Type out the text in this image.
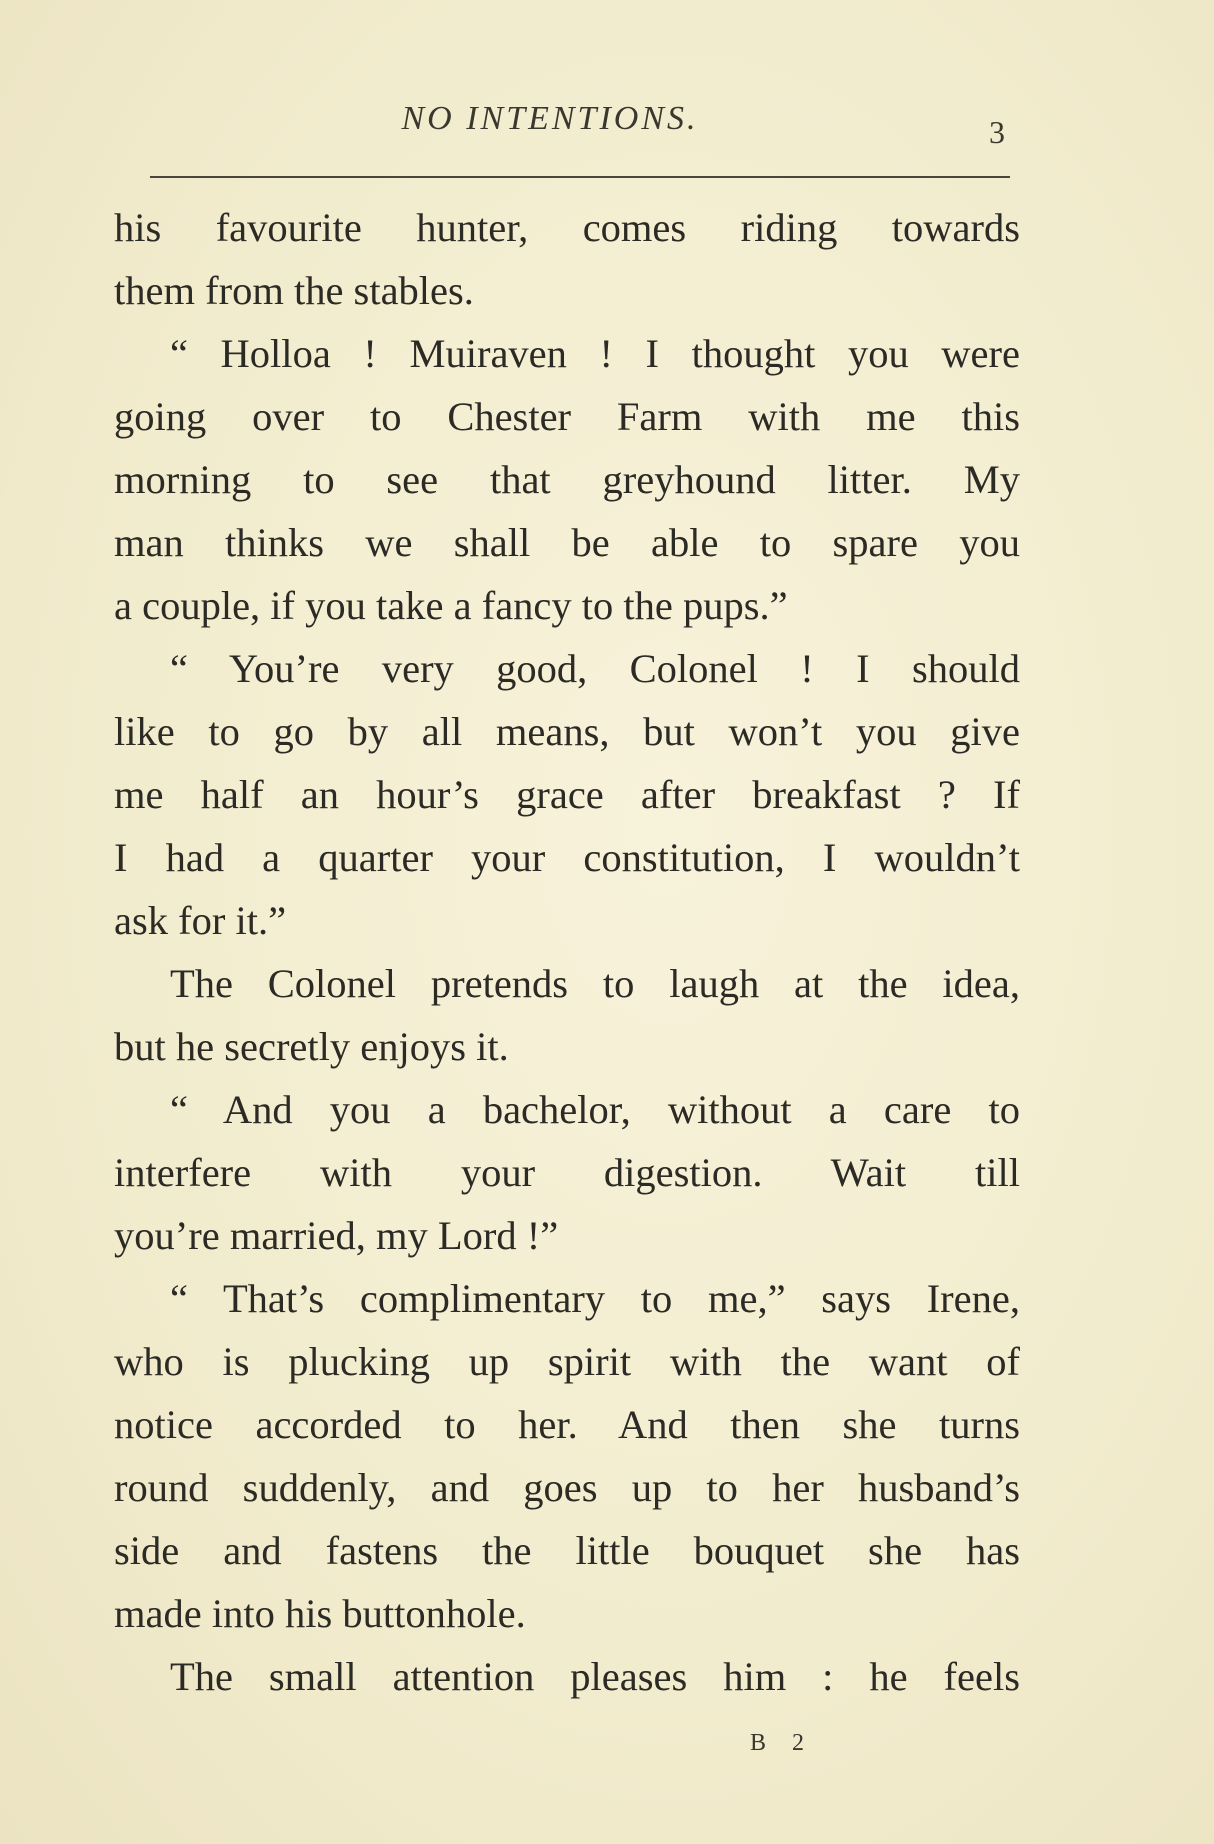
NO INTENTIONS.	3
his favourite hunter, comes riding towards
them from the stables.
“ Holloa ! Muiraven ! I thought you were
going over to Chester Farm with me this
morning to see that greyhound litter. My
man thinks we shall be able to spare you
a couple, if you take a fancy to the pups.”
“ You’re very good, Colonel ! I should
like to go by all means, but won’t you give
me half an hour’s grace after breakfast ? If
I had a quarter your constitution, I wouldn’t
ask for it.”
The Colonel pretends to laugh at the idea,
but he secretly enjoys it.
“ And you a bachelor, without a care to
interfere with your digestion. Wait till
you’re married, my Lord !”
“ That’s complimentary to me,” says Irene,
who is plucking up spirit with the want of
notice accorded to her. And then she turns
round suddenly, and goes up to her husband’s
side and fastens the little bouquet she has
made into his buttonhole.
The small attention pleases him : he feels
B 2
